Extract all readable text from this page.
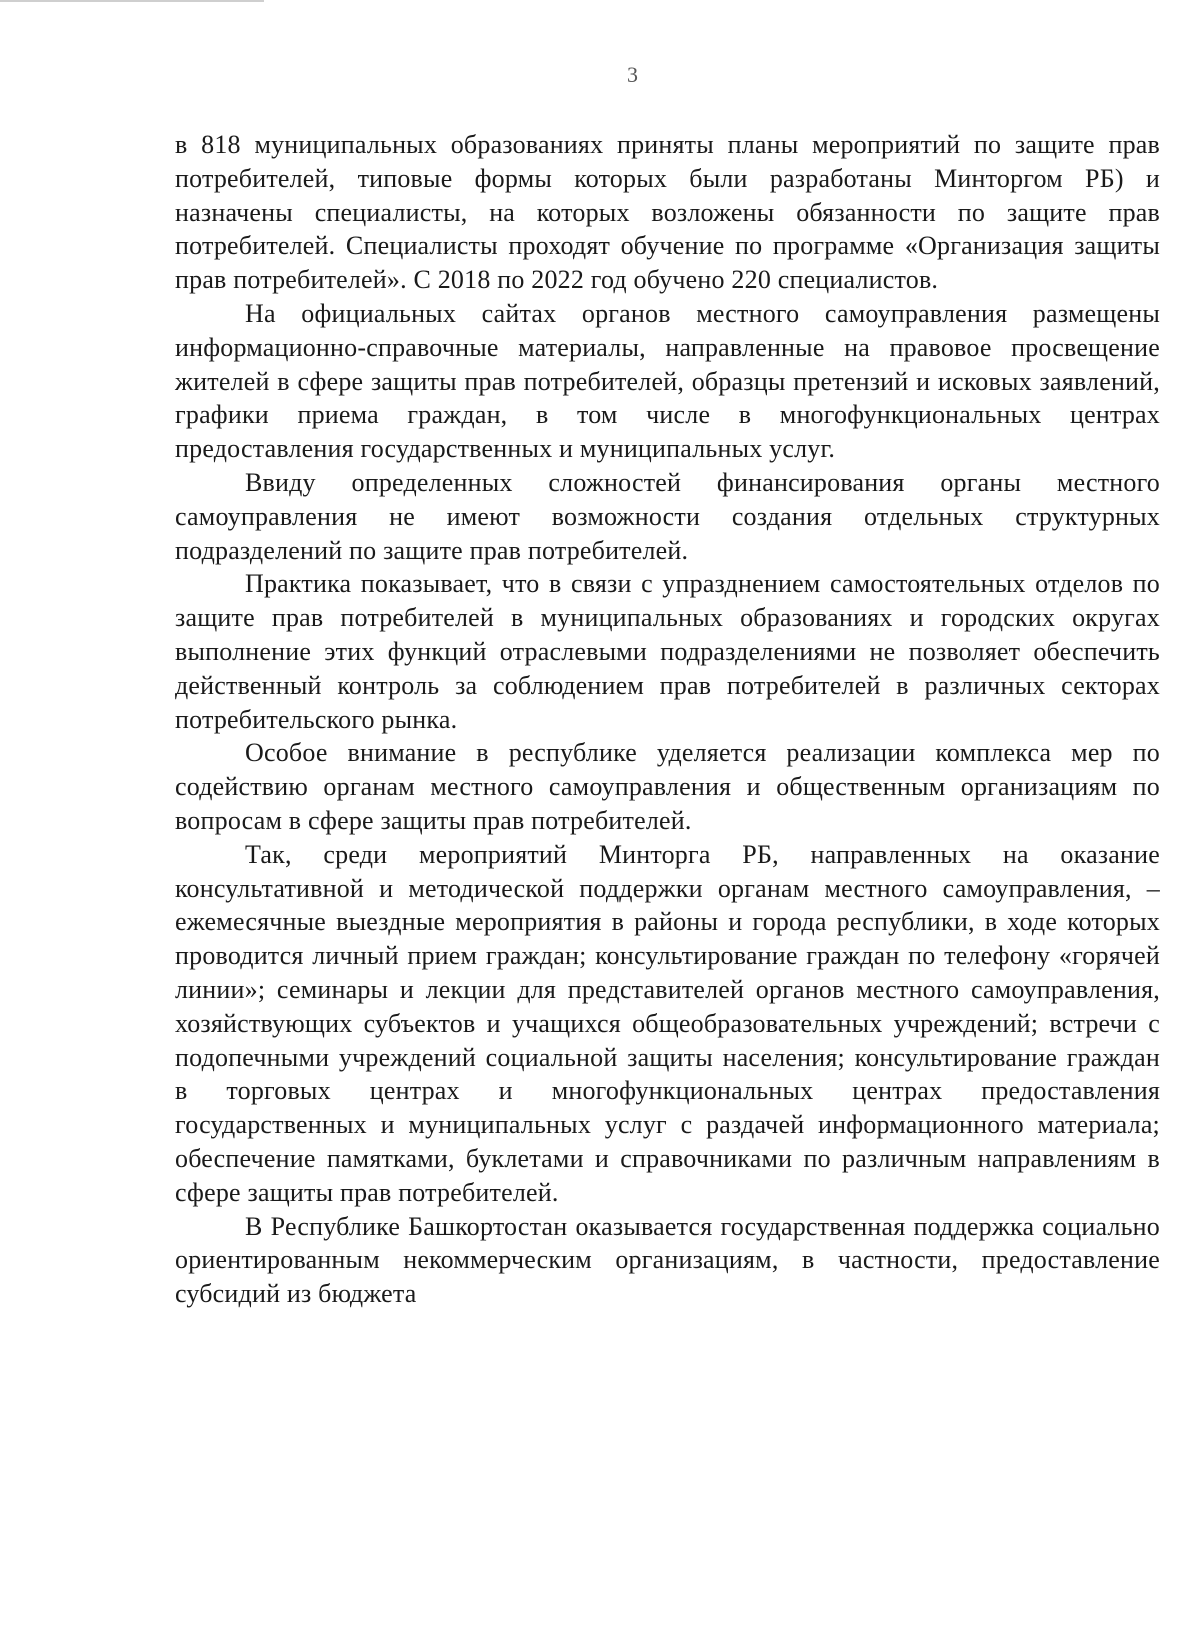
3

в 818 муниципальных образованиях приняты планы мероприятий по защите прав потребителей, типовые формы которых были разработаны Минторгом РБ) и назначены специалисты, на которых возложены обязанности по защите прав потребителей. Специалисты проходят обучение по программе «Организация защиты прав потребителей». С 2018 по 2022 год обучено 220 специалистов.

На официальных сайтах органов местного самоуправления размещены информационно-справочные материалы, направленные на правовое просвещение жителей в сфере защиты прав потребителей, образцы претензий и исковых заявлений, графики приема граждан, в том числе в многофункциональных центрах предоставления государственных и муниципальных услуг.

Ввиду определенных сложностей финансирования органы местного самоуправления не имеют возможности создания отдельных структурных подразделений по защите прав потребителей.

Практика показывает, что в связи с упразднением самостоятельных отделов по защите прав потребителей в муниципальных образованиях и городских округах выполнение этих функций отраслевыми подразделениями не позволяет обеспечить действенный контроль за соблюдением прав потребителей в различных секторах потребительского рынка.

Особое внимание в республике уделяется реализации комплекса мер по содействию органам местного самоуправления и общественным организациям по вопросам в сфере защиты прав потребителей.

Так, среди мероприятий Минторга РБ, направленных на оказание консультативной и методической поддержки органам местного самоуправления, – ежемесячные выездные мероприятия в районы и города республики, в ходе которых проводится личный прием граждан; консультирование граждан по телефону «горячей линии»; семинары и лекции для представителей органов местного самоуправления, хозяйствующих субъектов и учащихся общеобразовательных учреждений; встречи с подопечными учреждений социальной защиты населения; консультирование граждан в торговых центрах и многофункциональных центрах предоставления государственных и муниципальных услуг с раздачей информационного материала; обеспечение памятками, буклетами и справочниками по различным направлениям в сфере защиты прав потребителей.

В Республике Башкортостан оказывается государственная поддержка социально ориентированным некоммерческим организациям, в частности, предоставление субсидий из бюджета
